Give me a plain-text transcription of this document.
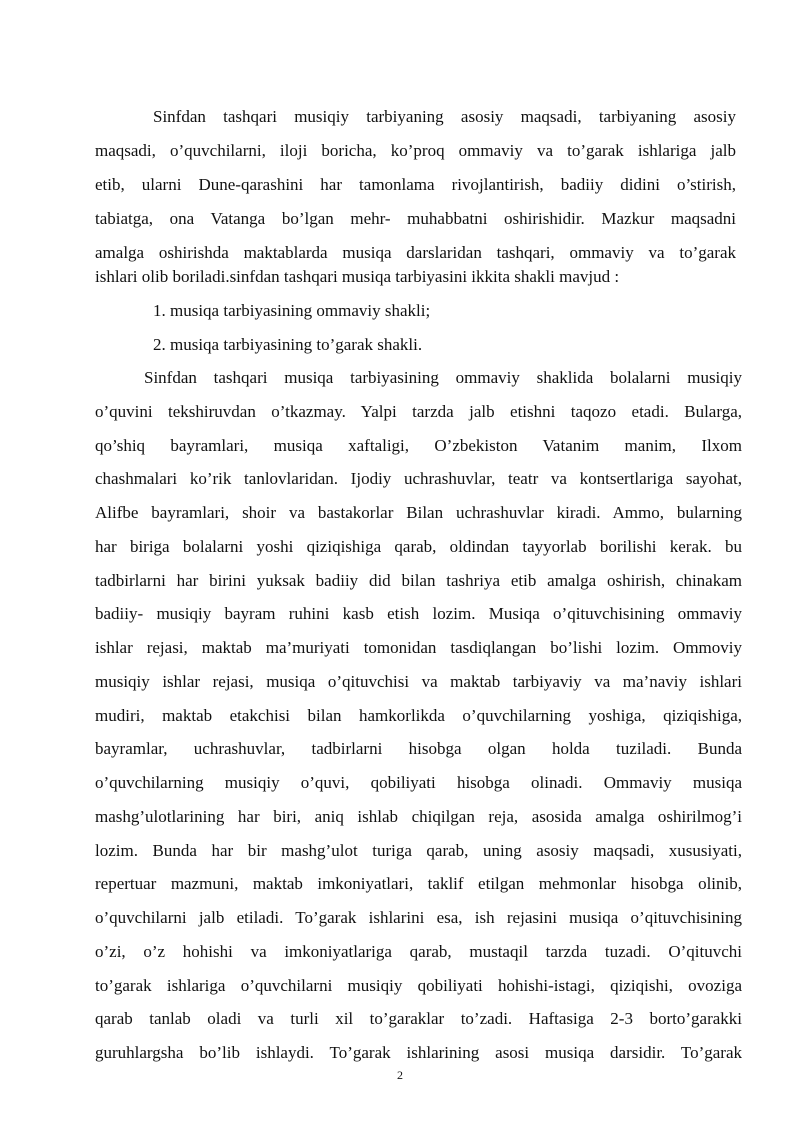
Sinfdan tashqari musiqiy tarbiyaning asosiy maqsadi, tarbiyaning asosiy
maqsadi, o’quvchilarni, iloji boricha, ko’proq ommaviy va to’garak ishlariga jalb
etib, ularni Dune-qarashini har tamonlama rivojlantirish, badiiy didini o’stirish,
tabiatga, ona Vatanga bo’lgan mehr- muhabbatni oshirishidir. Mazkur maqsadni
amalga oshirishda maktablarda musiqa darslaridan tashqari, ommaviy va to’garak
ishlari olib boriladi.sinfdan tashqari musiqa tarbiyasini ikkita shakli mavjud :
1. musiqa tarbiyasining ommaviy shakli;
2. musiqa tarbiyasining to’garak shakli.
Sinfdan tashqari musiqa tarbiyasining ommaviy shaklida bolalarni musiqiy
o’quvini tekshiruvdan o’tkazmay. Yalpi tarzda jalb etishni taqozo etadi. Bularga,
qo’shiq bayramlari, musiqa xaftaligi, O’zbekiston Vatanim manim, Ilxom
chashmalari ko’rik tanlovlaridan. Ijodiy uchrashuvlar, teatr va kontsertlariga sayohat,
Alifbe bayramlari, shoir va bastakorlar Bilan uchrashuvlar kiradi. Ammo, bularning
har biriga bolalarni yoshi qiziqishiga qarab, oldindan tayyorlab borilishi kerak. bu
tadbirlarni har birini yuksak badiiy did bilan tashriya etib amalga oshirish, chinakam
badiiy- musiqiy bayram ruhini kasb etish lozim. Musiqa o’qituvchisining ommaviy
ishlar rejasi, maktab ma’muriyati tomonidan tasdiqlangan bo’lishi lozim. Ommoviy
musiqiy ishlar rejasi, musiqa o’qituvchisi va maktab tarbiyaviy va ma’naviy ishlari
mudiri, maktab etakchisi bilan hamkorlikda o’quvchilarning yoshiga, qiziqishiga,
bayramlar, uchrashuvlar, tadbirlarni hisobga olgan holda tuziladi. Bunda
o’quvchilarning musiqiy o’quvi, qobiliyati hisobga olinadi. Ommaviy musiqa
mashg’ulotlarining har biri, aniq ishlab chiqilgan reja, asosida amalga oshirilmog’i
lozim. Bunda har bir mashg’ulot turiga qarab, uning asosiy maqsadi, xususiyati,
repertuar mazmuni, maktab imkoniyatlari, taklif etilgan mehmonlar hisobga olinib,
o’quvchilarni jalb etiladi. To’garak ishlarini esa, ish rejasini musiqa o’qituvchisining
o’zi, o’z hohishi va imkoniyatlariga qarab, mustaqil tarzda tuzadi. O’qituvchi
to’garak ishlariga o’quvchilarni musiqiy qobiliyati hohishi-istagi, qiziqishi, ovoziga
qarab tanlab oladi va turli xil to’garaklar to’zadi. Haftasiga 2-3 borto’garakki
guruhlargsha bo’lib ishlaydi. To’garak ishlarining asosi musiqa darsidir. To’garak
2
